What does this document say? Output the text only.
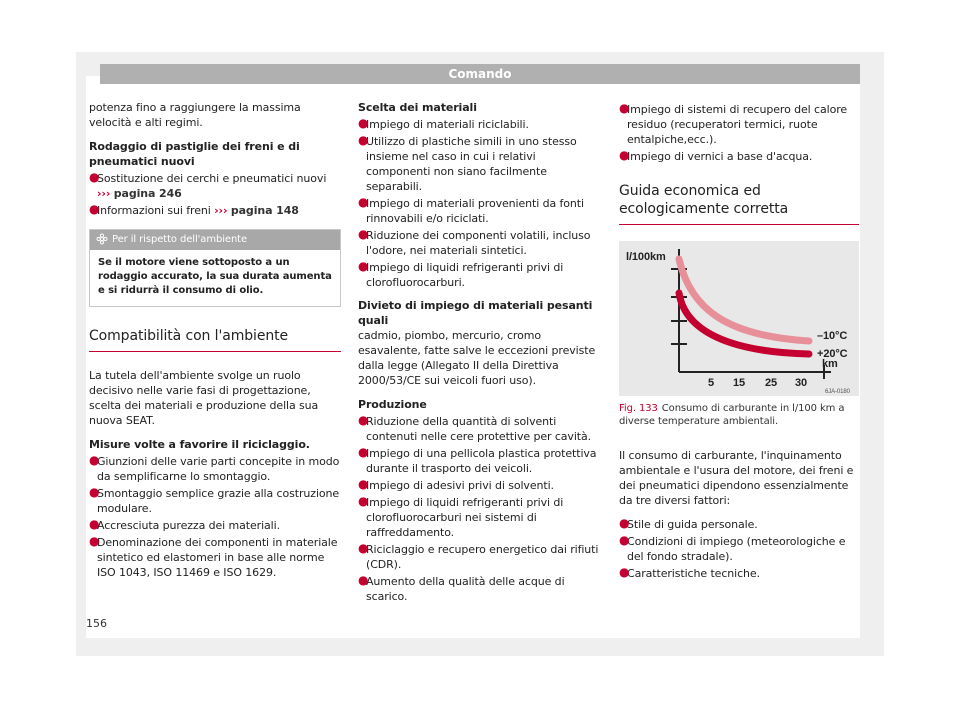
Comando
potenza fino a raggiungere la massima velocità e alti regimi.
Rodaggio di pastiglie dei freni e di pneumatici nuovi
●
Sostituzione dei cerchi e pneumatici nuovi ››› pagina 246
●
Informazioni sui freni ››› pagina 148
Per il rispetto dell'ambiente
Se il motore viene sottoposto a un rodaggio accurato, la sua durata aumenta e si ridurrà il consumo di olio.
Compatibilità con l'ambiente
La tutela dell'ambiente svolge un ruolo decisivo nelle varie fasi di progettazione, scelta dei materiali e produzione della sua nuova SEAT.
Misure volte a favorire il riciclaggio.
●
Giunzioni delle varie parti concepite in modo da semplificarne lo smontaggio.
●
Smontaggio semplice grazie alla costruzione modulare.
●
Accresciuta purezza dei materiali.
●
Denominazione dei componenti in materiale sintetico ed elastomeri in base alle norme ISO 1043, ISO 11469 e ISO 1629.
Scelta dei materiali
●
Impiego di materiali riciclabili.
●
Utilizzo di plastiche simili in uno stesso insieme nel caso in cui i relativi componenti non siano facilmente separabili.
●
Impiego di materiali provenienti da fonti rinnovabili e/o riciclati.
●
Riduzione dei componenti volatili, incluso l'odore, nei materiali sintetici.
●
Impiego di liquidi refrigeranti privi di clorofluorocarburi.
Divieto di impiego di materiali pesanti quali
cadmio, piombo, mercurio, cromo esavalente, fatte salve le eccezioni previste dalla legge (Allegato II della Direttiva 2000/53/CE sui veicoli fuori uso).
Produzione
●
Riduzione della quantità di solventi contenuti nelle cere protettive per cavità.
●
Impiego di una pellicola plastica protettiva durante il trasporto dei veicoli.
●
Impiego di adesivi privi di solventi.
●
Impiego di liquidi refrigeranti privi di clorofluorocarburi nei sistemi di raffreddamento.
●
Riciclaggio e recupero energetico dai rifiuti (CDR).
●
Aumento della qualità delle acque di scarico.
●
Impiego di sistemi di recupero del calore residuo (recuperatori termici, ruote entalpiche,ecc.).
●
Impiego di vernici a base d'acqua.
Guida economica ed ecologicamente corretta
l/100km
–10°C
+20°C
km
5 15 25 30
6JA-0180
Fig. 133 Consumo di carburante in l/100 km a diverse temperature ambientali.
Il consumo di carburante, l'inquinamento ambientale e l'usura del motore, dei freni e dei pneumatici dipendono essenzialmente da tre diversi fattori:
●
Stile di guida personale.
●
Condizioni di impiego (meteorologiche e del fondo stradale).
●
Caratteristiche tecniche.
156
